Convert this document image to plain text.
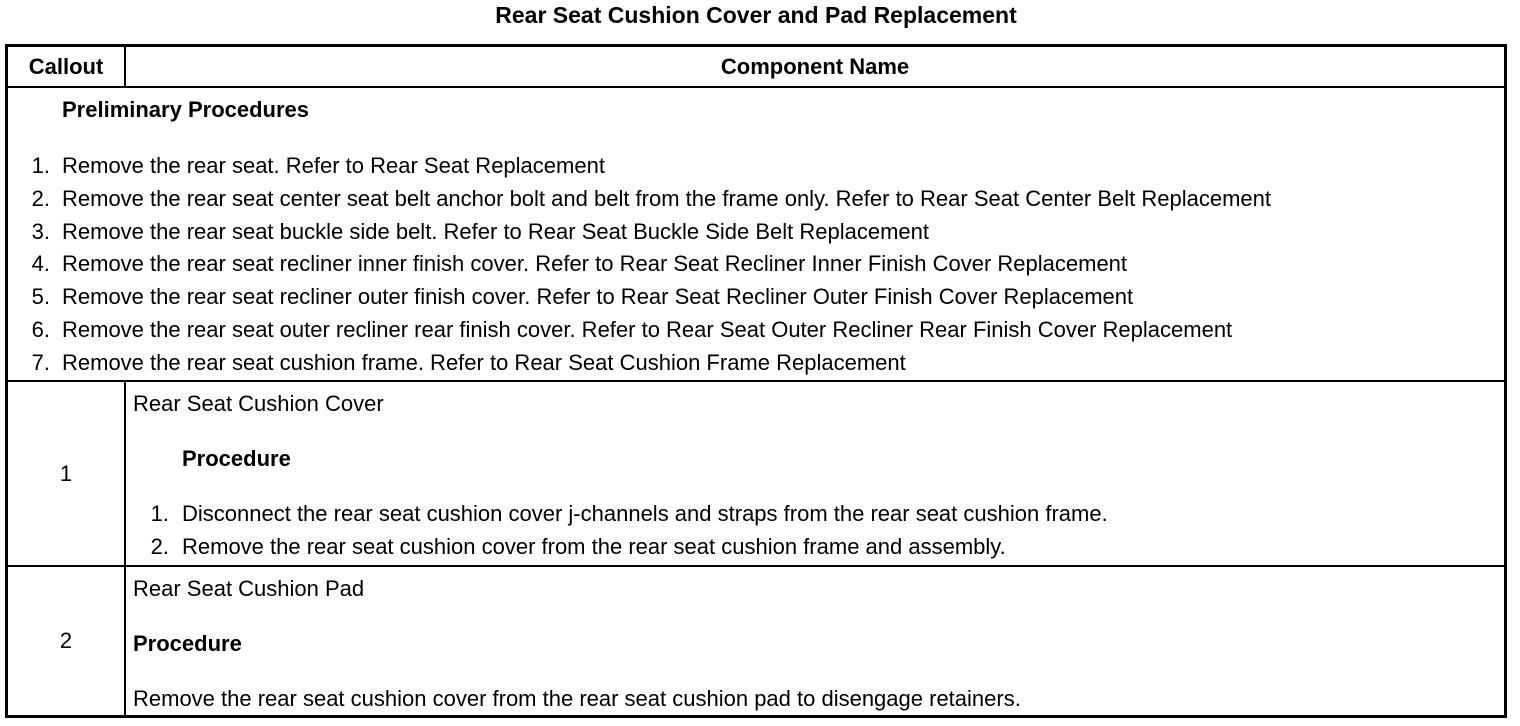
Rear Seat Cushion Cover and Pad Replacement
Callout	Component Name
Preliminary Procedures
1. Remove the rear seat. Refer to Rear Seat Replacement
2. Remove the rear seat center seat belt anchor bolt and belt from the frame only. Refer to Rear Seat Center Belt Replacement
3. Remove the rear seat buckle side belt. Refer to Rear Seat Buckle Side Belt Replacement
4. Remove the rear seat recliner inner finish cover. Refer to Rear Seat Recliner Inner Finish Cover Replacement
5. Remove the rear seat recliner outer finish cover. Refer to Rear Seat Recliner Outer Finish Cover Replacement
6. Remove the rear seat outer recliner rear finish cover. Refer to Rear Seat Outer Recliner Rear Finish Cover Replacement
7. Remove the rear seat cushion frame. Refer to Rear Seat Cushion Frame Replacement
1
Rear Seat Cushion Cover
Procedure
1. Disconnect the rear seat cushion cover j-channels and straps from the rear seat cushion frame.
2. Remove the rear seat cushion cover from the rear seat cushion frame and assembly.
2
Rear Seat Cushion Pad
Procedure
Remove the rear seat cushion cover from the rear seat cushion pad to disengage retainers.
